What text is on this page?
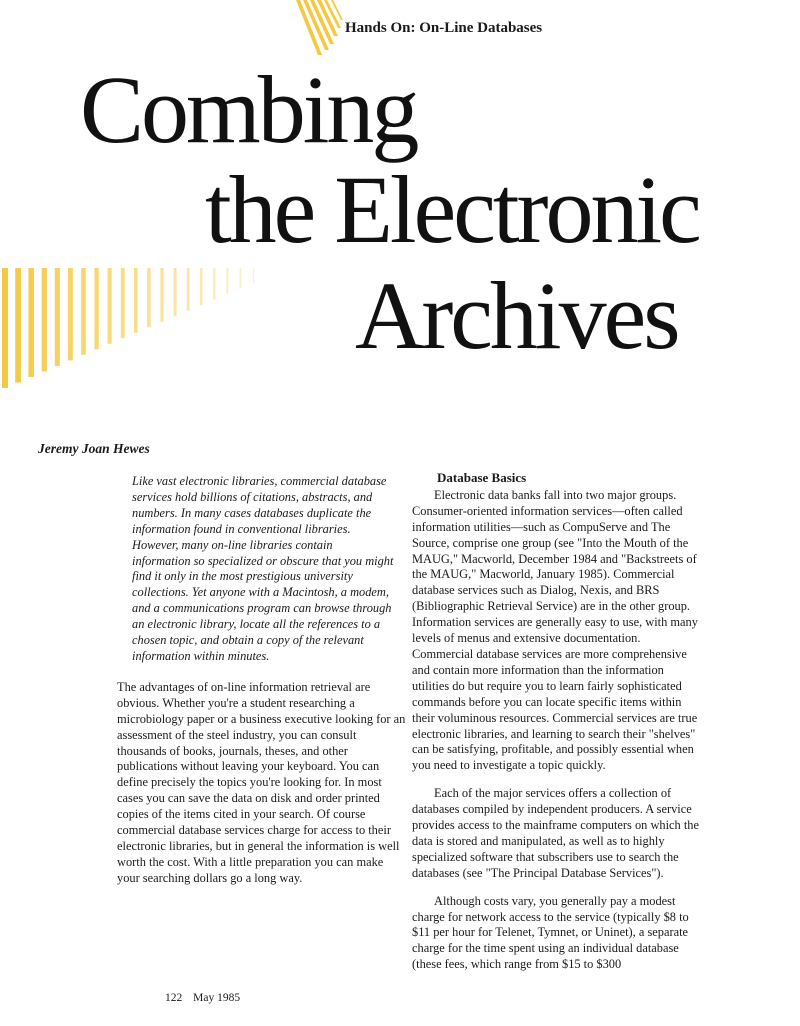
Hands On: On-Line Databases
Combing
the Electronic
Archives
Jeremy Joan Hewes

Like vast electronic libraries, commercial database services hold billions of citations, abstracts, and numbers. In many cases databases duplicate the information found in conventional libraries. However, many on-line libraries contain information so specialized or obscure that you might find it only in the most prestigious university collections. Yet anyone with a Macintosh, a modem, and a communications program can browse through an electronic library, locate all the references to a chosen topic, and obtain a copy of the relevant information within minutes.

The advantages of on-line information retrieval are obvious. Whether you're a student researching a microbiology paper or a business executive looking for an assessment of the steel industry, you can consult thousands of books, journals, theses, and other publications without leaving your keyboard. You can define precisely the topics you're looking for. In most cases you can save the data on disk and order printed copies of the items cited in your search. Of course commercial database services charge for access to their electronic libraries, but in general the information is well worth the cost. With a little preparation you can make your searching dollars go a long way.

Database Basics

Electronic data banks fall into two major groups. Consumer-oriented information services—often called information utilities—such as CompuServe and The Source, comprise one group (see "Into the Mouth of the MAUG," Macworld, December 1984 and "Backstreets of the MAUG," Macworld, January 1985). Commercial database services such as Dialog, Nexis, and BRS (Bibliographic Retrieval Service) are in the other group. Information services are generally easy to use, with many levels of menus and extensive documentation. Commercial database services are more comprehensive and contain more information than the information utilities do but require you to learn fairly sophisticated commands before you can locate specific items within their voluminous resources. Commercial services are true electronic libraries, and learning to search their "shelves" can be satisfying, profitable, and possibly essential when you need to investigate a topic quickly.

Each of the major services offers a collection of databases compiled by independent producers. A service provides access to the mainframe computers on which the data is stored and manipulated, as well as to highly specialized software that subscribers use to search the databases (see "The Principal Database Services").

Although costs vary, you generally pay a modest charge for network access to the service (typically $8 to $11 per hour for Telenet, Tymnet, or Uninet), a separate charge for the time spent using an individual database (these fees, which range from $15 to $300

122 May 1985
